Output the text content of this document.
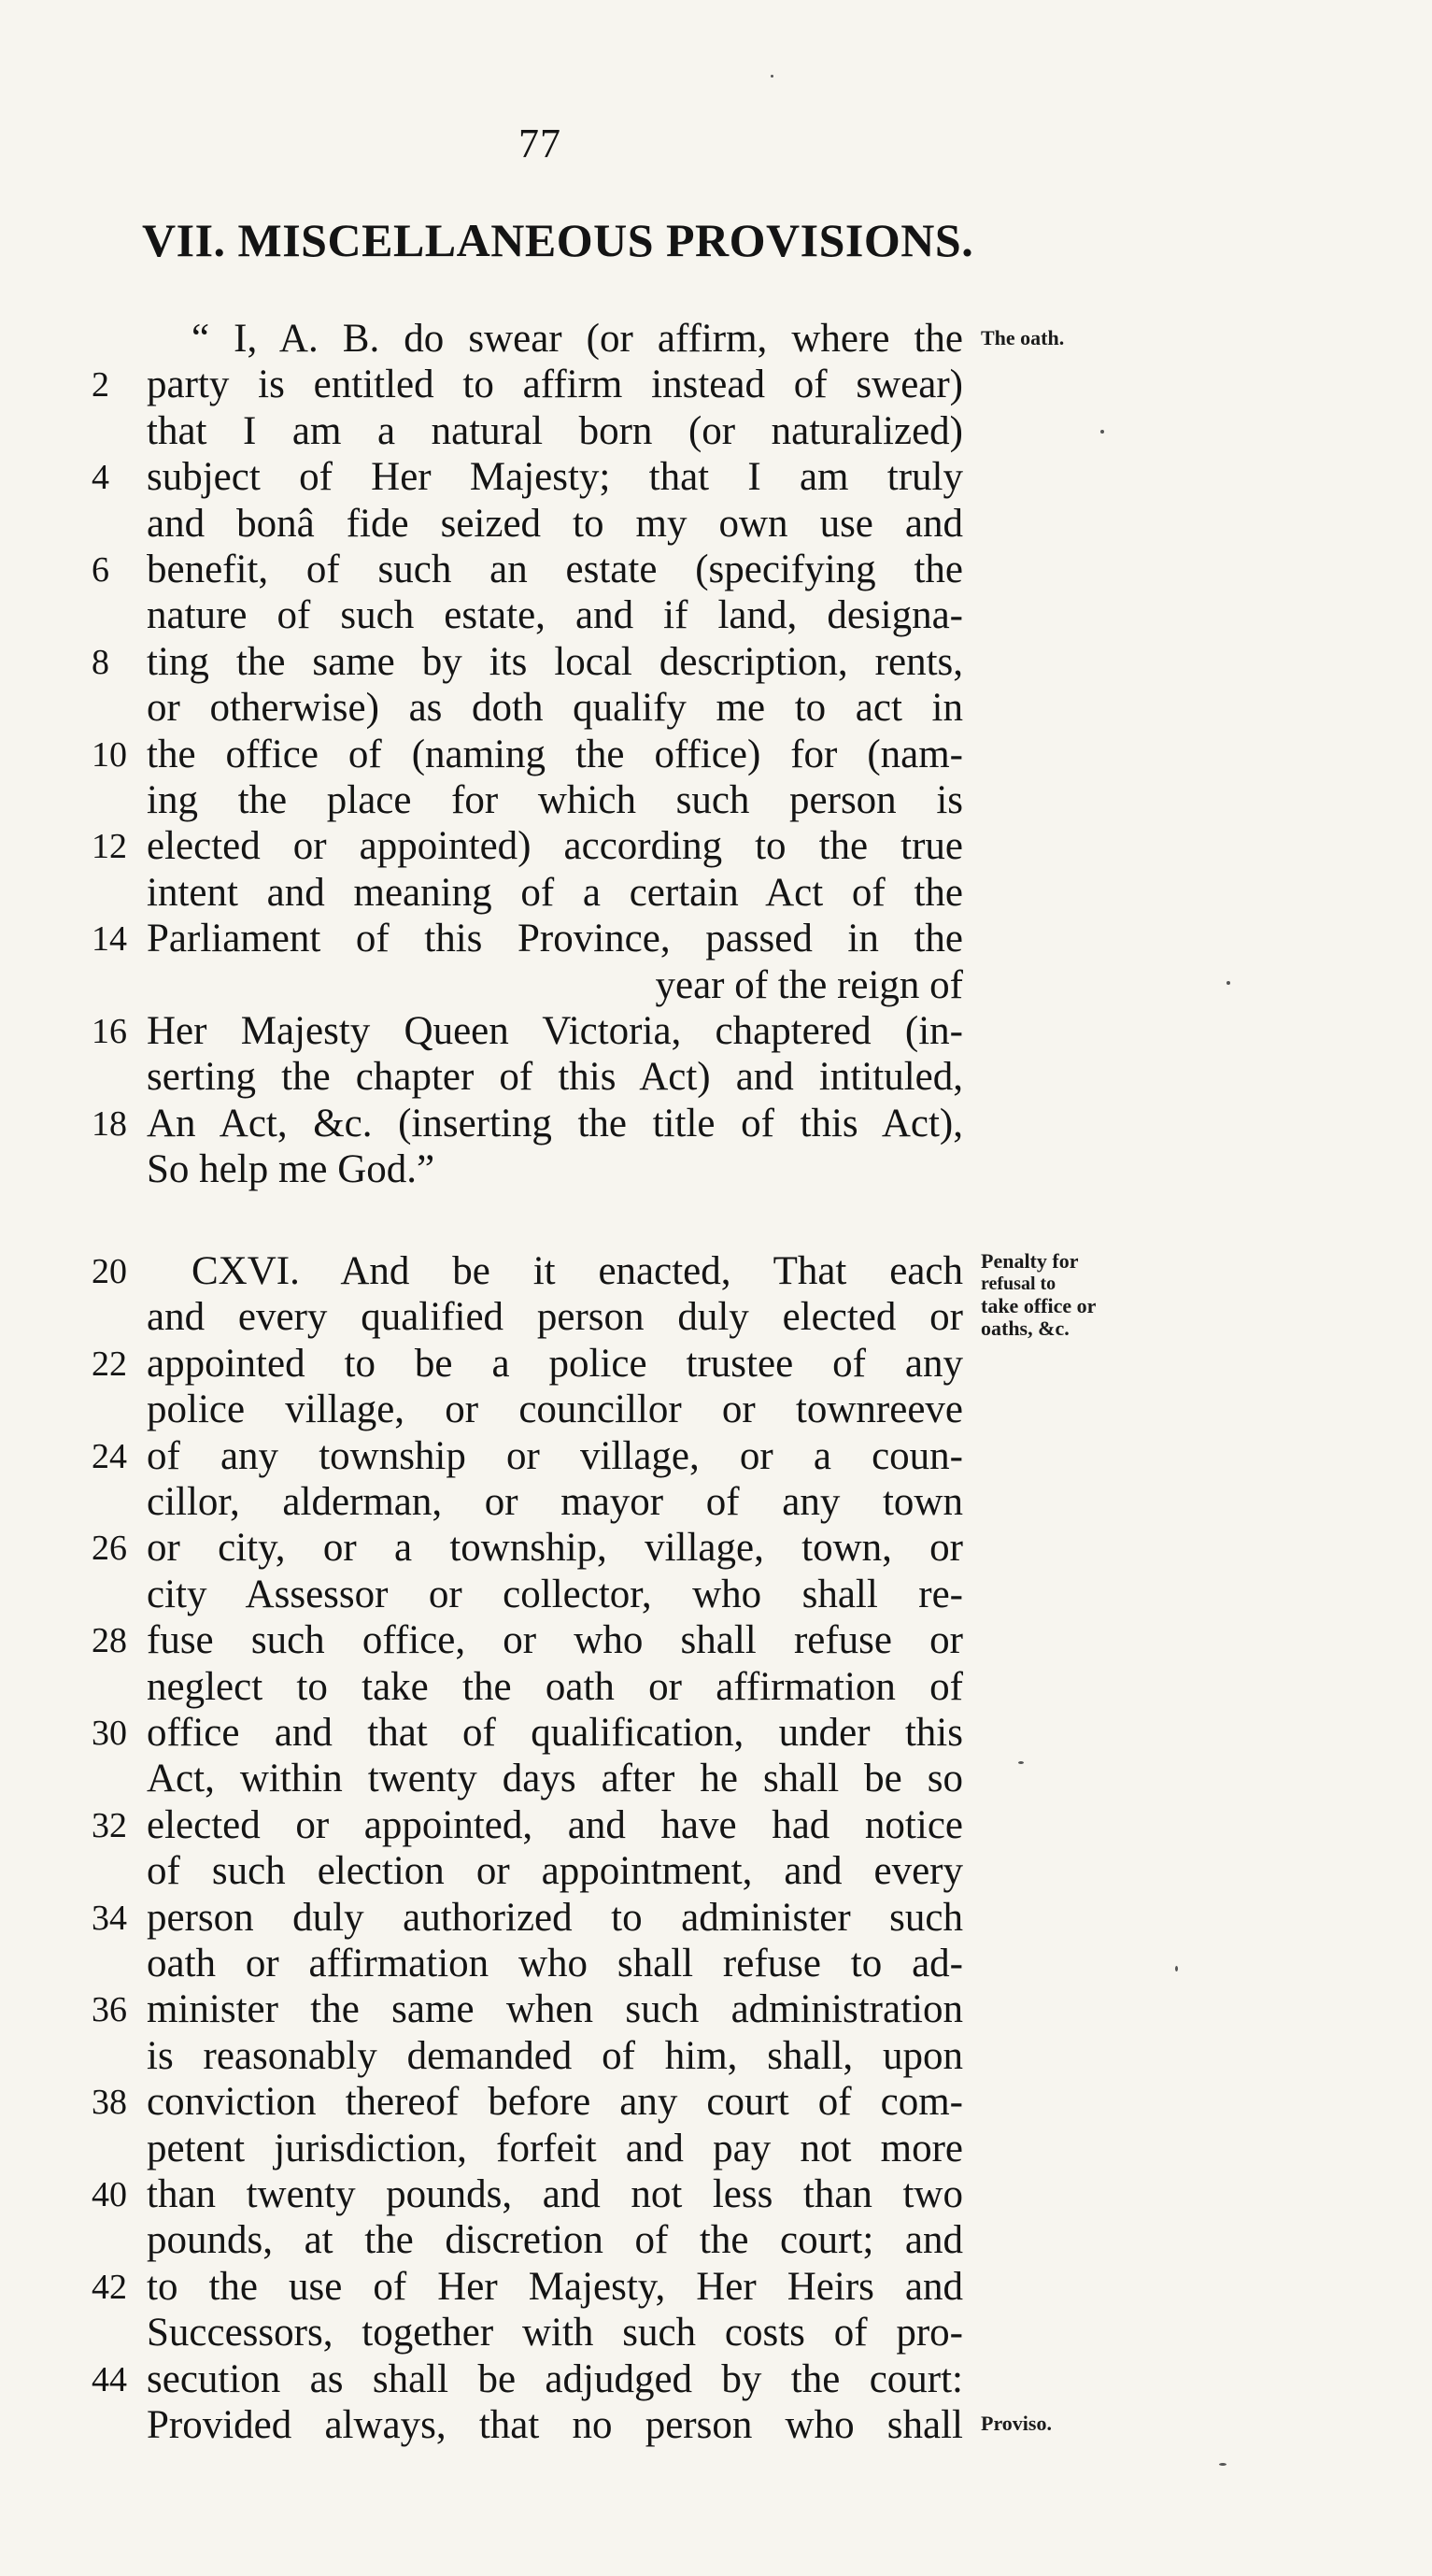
77
VII. MISCELLANEOUS PROVISIONS.
“ I, A. B. do swear (or affirm, where the
2 party is entitled to affirm instead of swear)
that I am a natural born (or naturalized)
4 subject of Her Majesty; that I am truly
and bonâ fide seized to my own use and
6 benefit, of such an estate (specifying the
nature of such estate, and if land, designa-
8 ting the same by its local description, rents,
or otherwise) as doth qualify me to act in
10 the office of (naming the office) for (nam-
ing the place for which such person is
12 elected or appointed) according to the true
intent and meaning of a certain Act of the
14 Parliament of this Province, passed in the
year of the reign of
16 Her Majesty Queen Victoria, chaptered (in-
serting the chapter of this Act) and intituled,
18 An Act, &c. (inserting the title of this Act),
So help me God.”
The oath.
20	CXVI. And be it enacted, That each
and every qualified person duly elected or
22 appointed to be a police trustee of any
police village, or councillor or townreeve
24 of any township or village, or a coun-
cillor, alderman, or mayor of any town
26 or city, or a township, village, town, or
city Assessor or collector, who shall re-
28 fuse such office, or who shall refuse or
neglect to take the oath or affirmation of
30 office and that of qualification, under this
Act, within twenty days after he shall be so
32 elected or appointed, and have had notice
of such election or appointment, and every
34 person duly authorized to administer such
oath or affirmation who shall refuse to ad-
36 minister the same when such administration
is reasonably demanded of him, shall, upon
38 conviction thereof before any court of com-
petent jurisdiction, forfeit and pay not more
40 than twenty pounds, and not less than two
pounds, at the discretion of the court; and
42 to the use of Her Majesty, Her Heirs and
Successors, together with such costs of pro-
44 secution as shall be adjudged by the court:
Provided always, that no person who shall
Penalty for
refusal to
take office or
oaths, &c.
Proviso.
